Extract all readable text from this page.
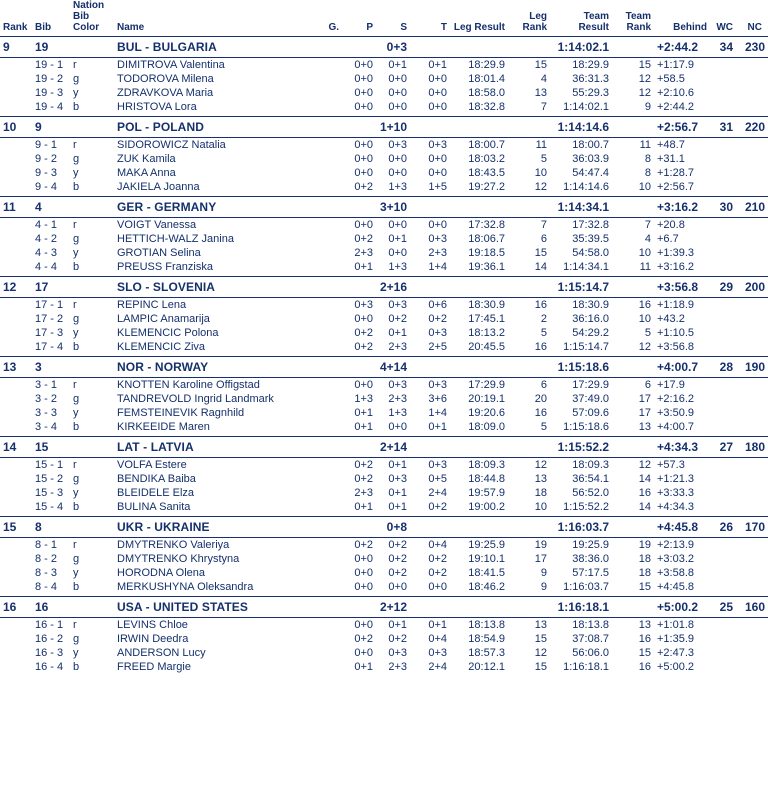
Rank	Bib	Nation Bib Color	Name	G.	P	S	T	Leg Result	Leg Rank	Team Result	Team Rank	Behind	WC	NC
9	19		BUL - BULGARIA			0+3				1:14:02.1		+2:44.2	34	230
	19 - 1	r	DIMITROVA Valentina		0+0	0+1	0+1	18:29.9	15	18:29.9	15	+1:17.9		
	19 - 2	g	TODOROVA Milena		0+0	0+0	0+0	18:01.4	4	36:31.3	12	+58.5		
	19 - 3	y	ZDRAVKOVA Maria		0+0	0+0	0+0	18:58.0	13	55:29.3	12	+2:10.6		
	19 - 4	b	HRISTOVA Lora		0+0	0+0	0+0	18:32.8	7	1:14:02.1	9	+2:44.2		
10	9		POL - POLAND			1+10				1:14:14.6		+2:56.7	31	220
	9 - 1	r	SIDOROWICZ Natalia		0+0	0+3	0+3	18:00.7	11	18:00.7	11	+48.7		
	9 - 2	g	ZUK Kamila		0+0	0+0	0+0	18:03.2	5	36:03.9	8	+31.1		
	9 - 3	y	MAKA Anna		0+0	0+0	0+0	18:43.5	10	54:47.4	8	+1:28.7		
	9 - 4	b	JAKIELA Joanna		0+2	1+3	1+5	19:27.2	12	1:14:14.6	10	+2:56.7		
11	4		GER - GERMANY			3+10				1:14:34.1		+3:16.2	30	210
	4 - 1	r	VOIGT Vanessa		0+0	0+0	0+0	17:32.8	7	17:32.8	7	+20.8		
	4 - 2	g	HETTICH-WALZ Janina		0+2	0+1	0+3	18:06.7	6	35:39.5	4	+6.7		
	4 - 3	y	GROTIAN Selina		2+3	0+0	2+3	19:18.5	15	54:58.0	10	+1:39.3		
	4 - 4	b	PREUSS Franziska		0+1	1+3	1+4	19:36.1	14	1:14:34.1	11	+3:16.2		
12	17		SLO - SLOVENIA			2+16				1:15:14.7		+3:56.8	29	200
	17 - 1	r	REPINC Lena		0+3	0+3	0+6	18:30.9	16	18:30.9	16	+1:18.9		
	17 - 2	g	LAMPIC Anamarija		0+0	0+2	0+2	17:45.1	2	36:16.0	10	+43.2		
	17 - 3	y	KLEMENCIC Polona		0+2	0+1	0+3	18:13.2	5	54:29.2	5	+1:10.5		
	17 - 4	b	KLEMENCIC Ziva		0+2	2+3	2+5	20:45.5	16	1:15:14.7	12	+3:56.8		
13	3		NOR - NORWAY			4+14				1:15:18.6		+4:00.7	28	190
	3 - 1	r	KNOTTEN Karoline Offigstad		0+0	0+3	0+3	17:29.9	6	17:29.9	6	+17.9		
	3 - 2	g	TANDREVOLD Ingrid Landmark		1+3	2+3	3+6	20:19.1	20	37:49.0	17	+2:16.2		
	3 - 3	y	FEMSTEINEVIK Ragnhild		0+1	1+3	1+4	19:20.6	16	57:09.6	17	+3:50.9		
	3 - 4	b	KIRKEEIDE Maren		0+1	0+0	0+1	18:09.0	5	1:15:18.6	13	+4:00.7		
14	15		LAT - LATVIA			2+14				1:15:52.2		+4:34.3	27	180
	15 - 1	r	VOLFA Estere		0+2	0+1	0+3	18:09.3	12	18:09.3	12	+57.3		
	15 - 2	g	BENDIKA Baiba		0+2	0+3	0+5	18:44.8	13	36:54.1	14	+1:21.3		
	15 - 3	y	BLEIDELE Elza		2+3	0+1	2+4	19:57.9	18	56:52.0	16	+3:33.3		
	15 - 4	b	BULINA Sanita		0+1	0+1	0+2	19:00.2	10	1:15:52.2	14	+4:34.3		
15	8		UKR - UKRAINE			0+8				1:16:03.7		+4:45.8	26	170
	8 - 1	r	DMYTRENKO Valeriya		0+2	0+2	0+4	19:25.9	19	19:25.9	19	+2:13.9		
	8 - 2	g	DMYTRENKO Khrystyna		0+0	0+2	0+2	19:10.1	17	38:36.0	18	+3:03.2		
	8 - 3	y	HORODNA Olena		0+0	0+2	0+2	18:41.5	9	57:17.5	18	+3:58.8		
	8 - 4	b	MERKUSHYNA Oleksandra		0+0	0+0	0+0	18:46.2	9	1:16:03.7	15	+4:45.8		
16	16		USA - UNITED STATES			2+12				1:16:18.1		+5:00.2	25	160
	16 - 1	r	LEVINS Chloe		0+0	0+1	0+1	18:13.8	13	18:13.8	13	+1:01.8		
	16 - 2	g	IRWIN Deedra		0+2	0+2	0+4	18:54.9	15	37:08.7	16	+1:35.9		
	16 - 3	y	ANDERSON Lucy		0+0	0+3	0+3	18:57.3	12	56:06.0	15	+2:47.3		
	16 - 4	b	FREED Margie		0+1	2+3	2+4	20:12.1	15	1:16:18.1	16	+5:00.2		
